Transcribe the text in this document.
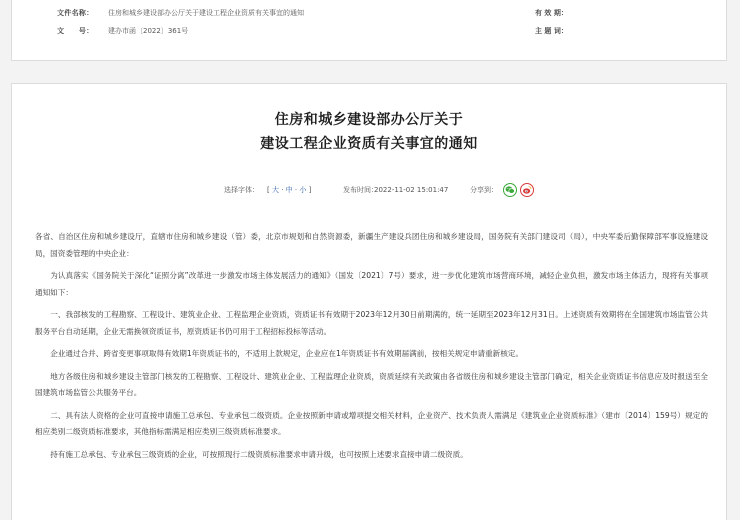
文件名称：	住房和城乡建设部办公厅关于建设工程企业资质有关事宜的通知	有 效 期：
文　　号：	建办市函〔2022〕361号	主 题 词：
住房和城乡建设部办公厅关于
建设工程企业资质有关事宜的通知
选择字体： [ 大 · 中 · 小 ]	发布时间：
2022-11-02 15:01:47	分享到：

各省、自治区住房和城乡建设厅，直辖市住房和城乡建设（管）委，北京市规划和自然资源委，新疆生产建设兵团住房和城乡建设局，国务院有关部门建设司（局），中央军委后勤保障部军事设施建设局，国资委管理的中央企业：

为认真落实《国务院关于深化“证照分离”改革进一步激发市场主体发展活力的通知》（国发〔2021〕7号）要求，进一步优化建筑市场营商环境，减轻企业负担，激发市场主体活力，现将有关事项通知如下：

一、我部核发的工程勘察、工程设计、建筑业企业、工程监理企业资质，资质证书有效期于2023年12月30日前期满的，统一延期至2023年12月31日。上述资质有效期将在全国建筑市场监管公共服务平台自动延期，企业无需换领资质证书，原资质证书仍可用于工程招标投标等活动。

企业通过合并、跨省变更事项取得有效期1年资质证书的，不适用上款规定，企业应在1年资质证书有效期届满前，按相关规定申请重新核定。

地方各级住房和城乡建设主管部门核发的工程勘察、工程设计、建筑业企业、工程监理企业资质，资质延续有关政策由各省级住房和城乡建设主管部门确定，相关企业资质证书信息应及时报送至全国建筑市场监管公共服务平台。

二、具有法人资格的企业可直接申请施工总承包、专业承包二级资质。企业按照新申请或增项提交相关材料，企业资产、技术负责人需满足《建筑业企业资质标准》（建市〔2014〕159号）规定的相应类别二级资质标准要求，其他指标需满足相应类别三级资质标准要求。

持有施工总承包、专业承包三级资质的企业，可按照现行二级资质标准要求申请升级，也可按照上述要求直接申请二级资质。
